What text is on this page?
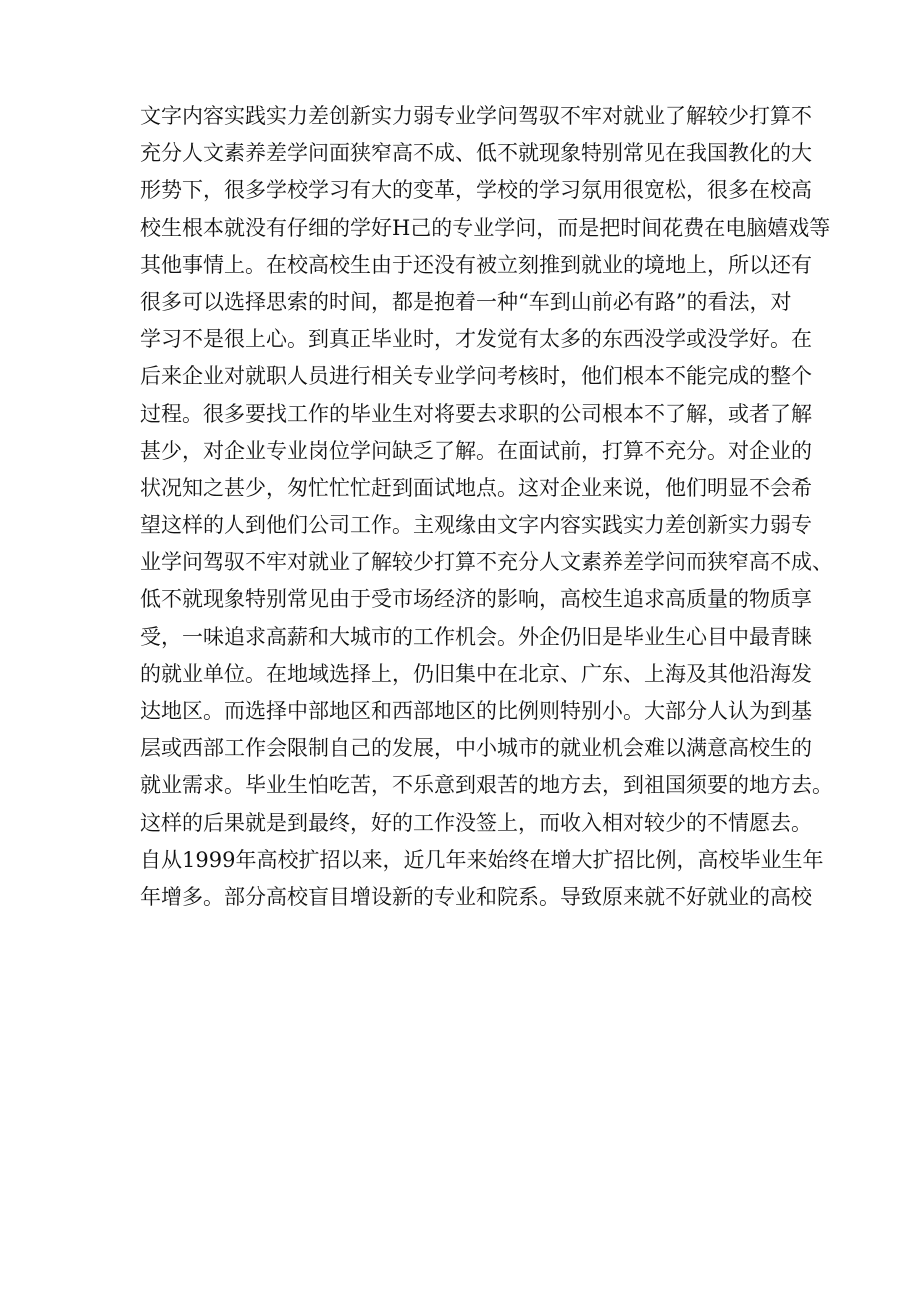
文字内容实践实力差创新实力弱专业学问驾驭不牢对就业了解较少打算不
充分人文素养差学问面狭窄高不成、低不就现象特别常见在我国教化的大
形势下，很多学校学习有大的变革，学校的学习氛用很宽松，很多在校高
校生根本就没有仔细的学好H己的专业学问，而是把时间花费在电脑嬉戏等
其他事情上。在校高校生由于还没有被立刻推到就业的境地上，所以还有
很多可以选择思索的时间，都是抱着一种“车到山前必有路”的看法，对
学习不是很上心。到真正毕业时，才发觉有太多的东西没学或没学好。在
后来企业对就职人员进行相关专业学问考核时，他们根本不能完成的整个
过程。很多要找工作的毕业生对将要去求职的公司根本不了解，或者了解
甚少，对企业专业岗位学问缺乏了解。在面试前，打算不充分。对企业的
状况知之甚少，匆忙忙忙赶到面试地点。这对企业来说，他们明显不会希
望这样的人到他们公司工作。主观缘由文字内容实践实力差创新实力弱专
业学问驾驭不牢对就业了解较少打算不充分人文素养差学问而狭窄高不成、
低不就现象特别常见由于受市场经济的影响，高校生追求高质量的物质享
受，一味追求高薪和大城市的工作机会。外企仍旧是毕业生心目中最青睐
的就业单位。在地域选择上，仍旧集中在北京、广东、上海及其他沿海发
达地区。而选择中部地区和西部地区的比例则特别小。大部分人认为到基
层或西部工作会限制自己的发展，中小城市的就业机会难以满意高校生的
就业需求。毕业生怕吃苦，不乐意到艰苦的地方去，到祖国须要的地方去。
这样的后果就是到最终，好的工作没签上，而收入相对较少的不情愿去。
自从1999年高校扩招以来，近几年来始终在增大扩招比例，高校毕业生年
年增多。部分高校盲目增设新的专业和院系。导致原来就不好就业的高校
